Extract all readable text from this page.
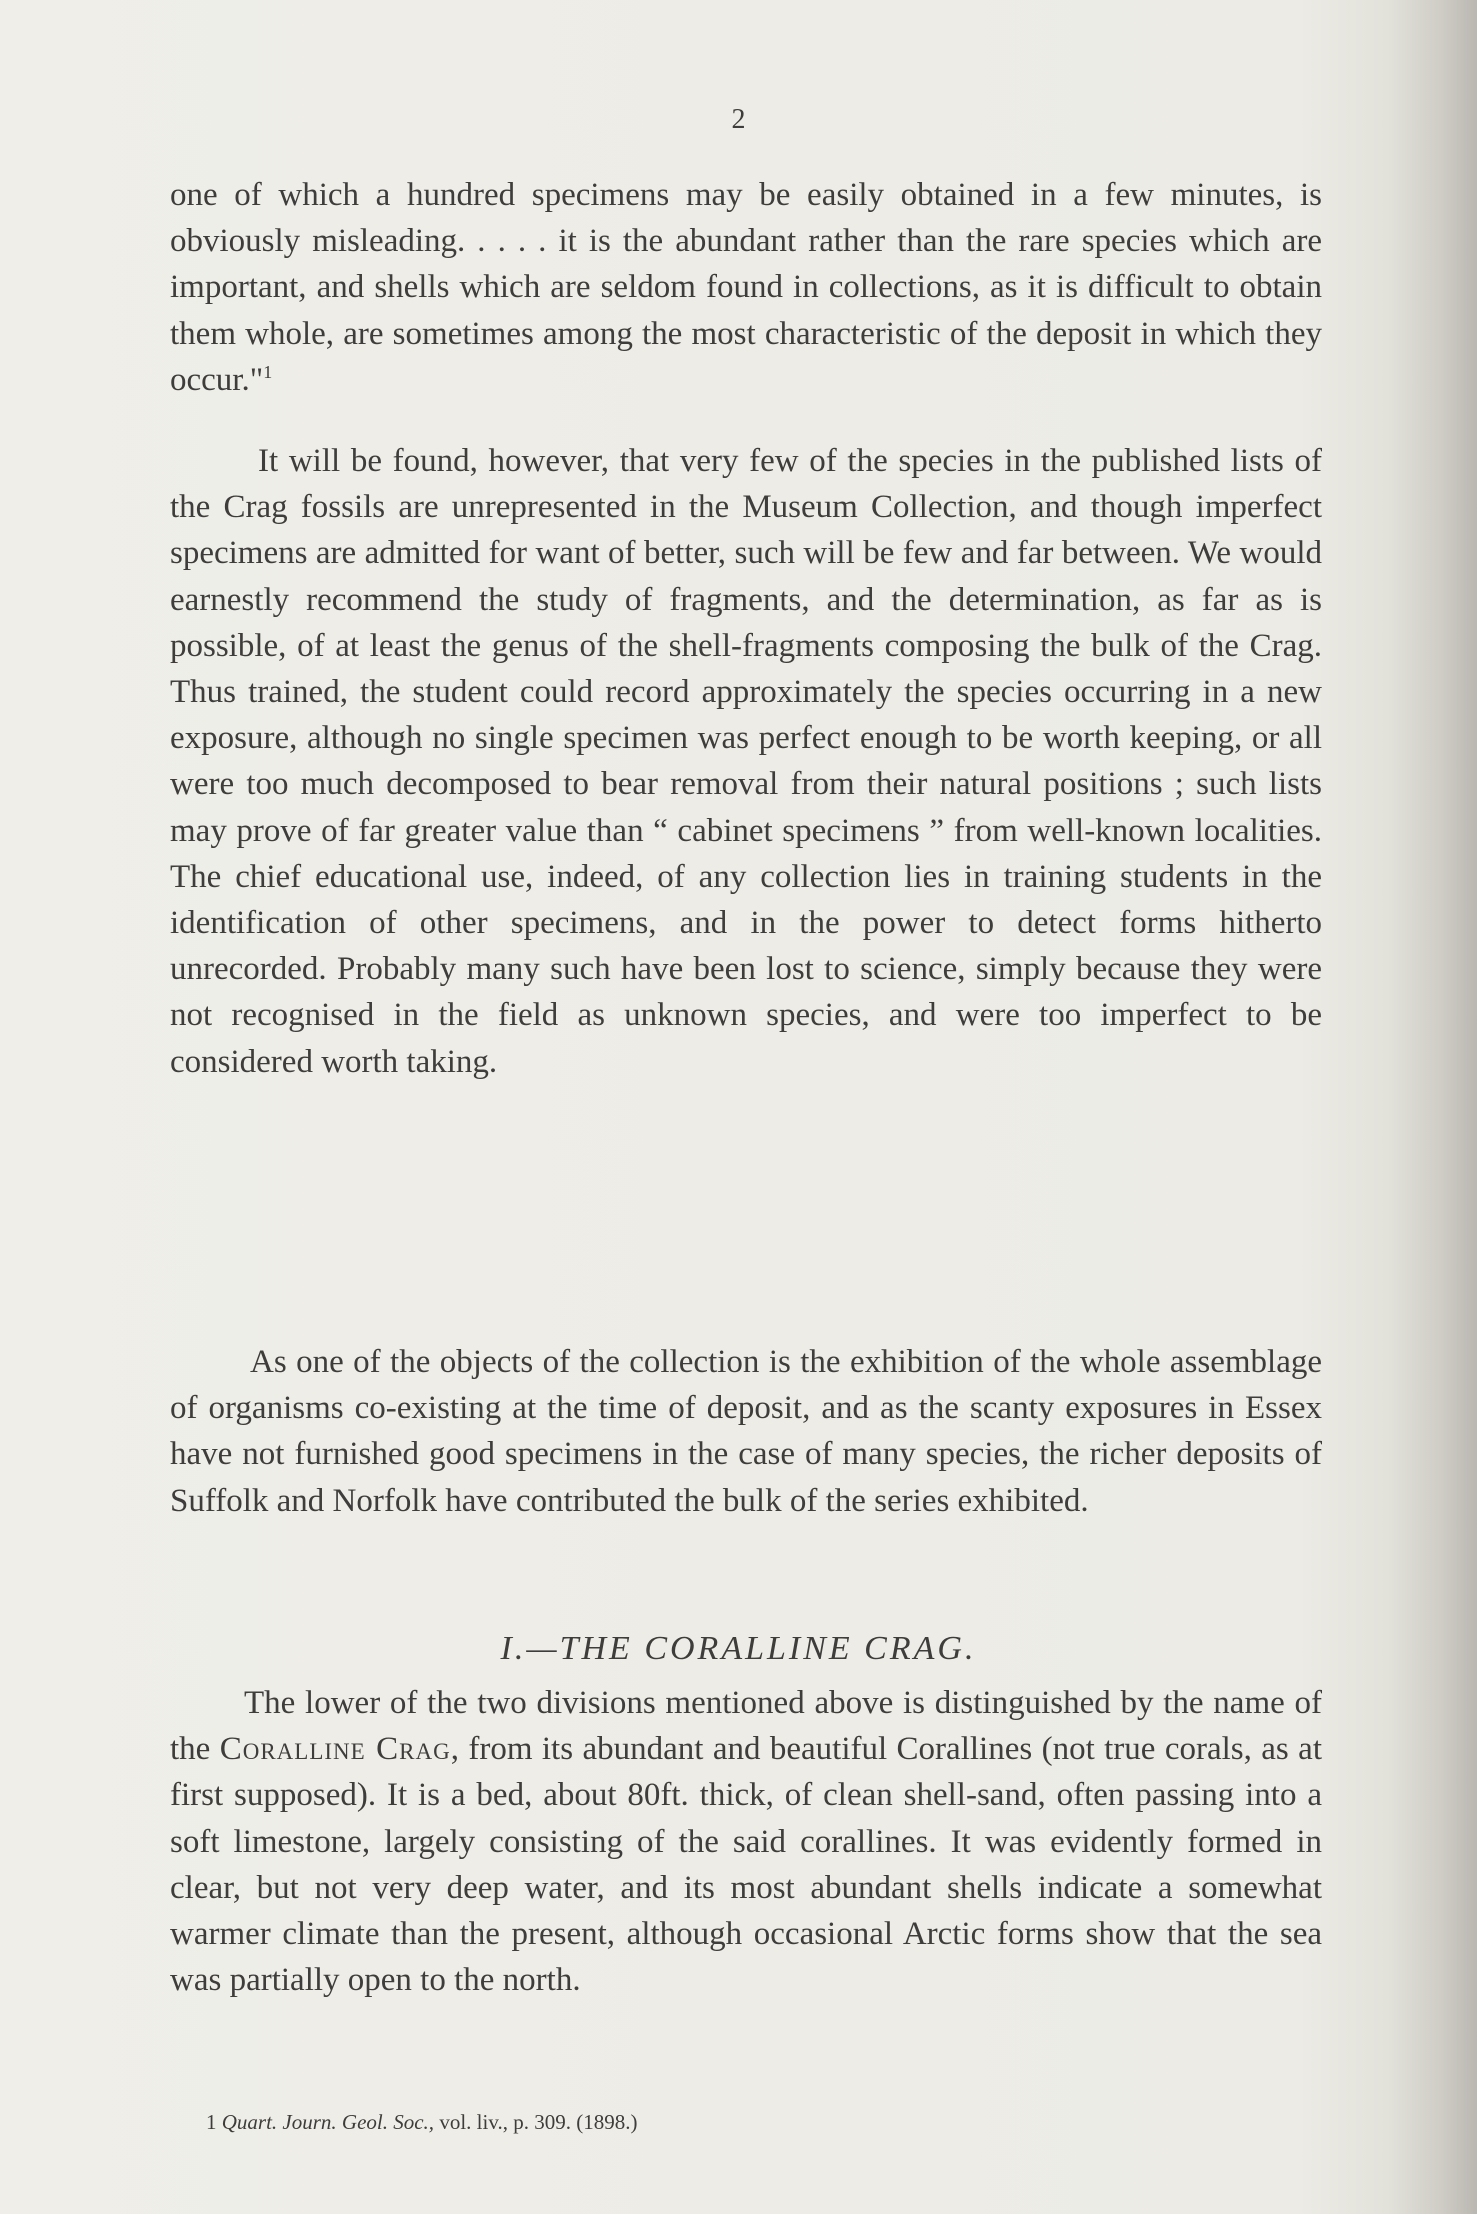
2

one of which a hundred specimens may be easily obtained in a few minutes, is obviously misleading. . . . . it is the abundant rather than the rare species which are important, and shells which are seldom found in collections, as it is difficult to obtain them whole, are sometimes among the most characteristic of the deposit in which they occur."$^1$

It will be found, however, that very few of the species in the published lists of the Crag fossils are unrepresented in the Museum Collection, and though imperfect specimens are admitted for want of better, such will be few and far between. We would earnestly recommend the study of fragments, and the determination, as far as is possible, of at least the genus of the shell-fragments composing the bulk of the Crag. Thus trained, the student could record approximately the species occurring in a new exposure, although no single specimen was perfect enough to be worth keeping, or all were too much decomposed to bear removal from their natural positions ; such lists may prove of far greater value than “ cabinet specimens ” from well-known localities. The chief educational use, indeed, of any collection lies in training students in the identification of other specimens, and in the power to detect forms hitherto unrecorded. Probably many such have been lost to science, simply because they were not recognised in the field as unknown species, and were too imperfect to be considered worth taking.

As one of the objects of the collection is the exhibition of the whole assemblage of organisms co-existing at the time of deposit, and as the scanty exposures in Essex have not furnished good specimens in the case of many species, the richer deposits of Suffolk and Norfolk have contributed the bulk of the series exhibited.

I.—THE CORALLINE CRAG.

The lower of the two divisions mentioned above is distinguished by the name of the Coralline Crag, from its abundant and beautiful Corallines (not true corals, as at first supposed). It is a bed, about 80ft. thick, of clean shell-sand, often passing into a soft limestone, largely consisting of the said corallines. It was evidently formed in clear, but not very deep water, and its most abundant shells indicate a somewhat warmer climate than the present, although occasional Arctic forms show that the sea was partially open to the north.

1 Quart. Journ. Geol. Soc., vol. liv., p. 309. (1898.)
